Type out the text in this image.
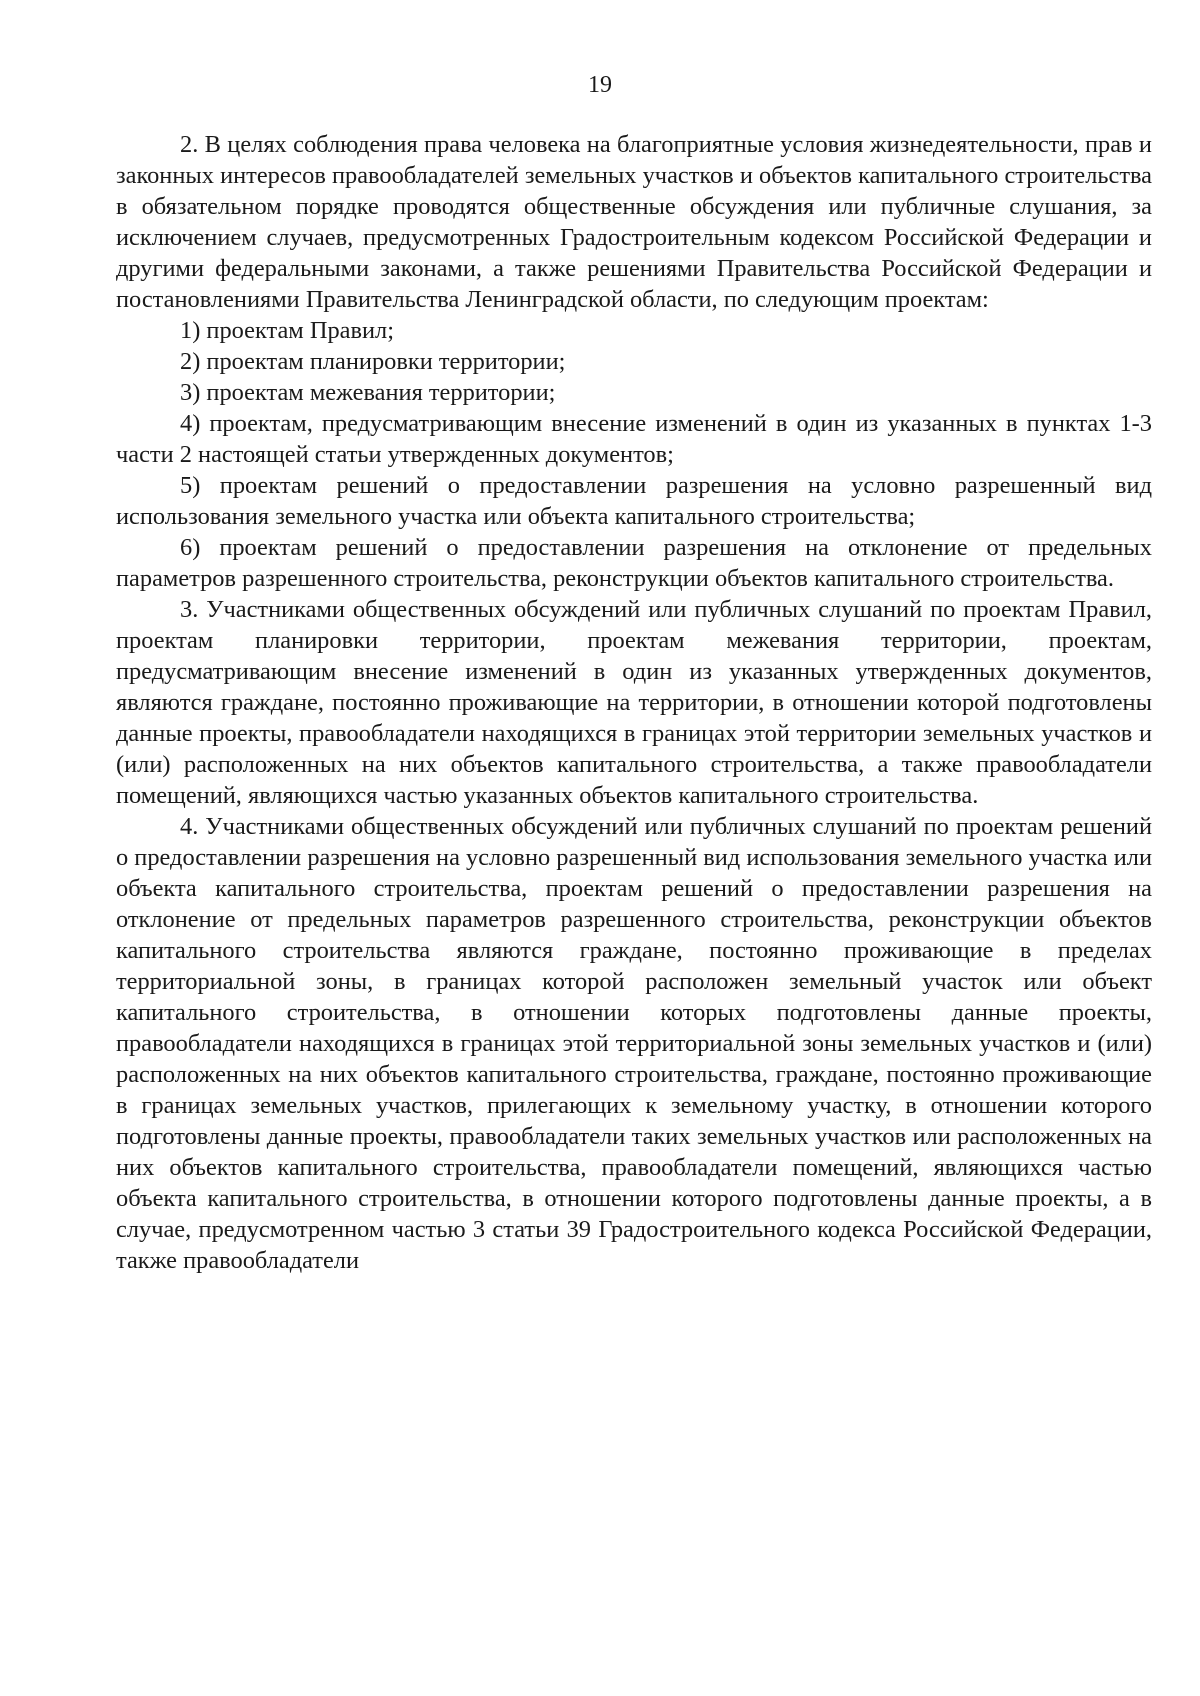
19

2. В целях соблюдения права человека на благоприятные условия жизнедеятельности, прав и законных интересов правообладателей земельных участков и объектов капитального строительства в обязательном порядке проводятся общественные обсуждения или публичные слушания, за исключением случаев, предусмотренных Градостроительным кодексом Российской Федерации и другими федеральными законами, а также решениями Правительства Российской Федерации и постановлениями Правительства Ленинградской области, по следующим проектам:

1) проектам Правил;

2) проектам планировки территории;

3) проектам межевания территории;

4) проектам, предусматривающим внесение изменений в один из указанных в пунктах 1-3 части 2 настоящей статьи утвержденных документов;

5) проектам решений о предоставлении разрешения на условно разрешенный вид использования земельного участка или объекта капитального строительства;

6) проектам решений о предоставлении разрешения на отклонение от предельных параметров разрешенного строительства, реконструкции объектов капитального строительства.

3. Участниками общественных обсуждений или публичных слушаний по проектам Правил, проектам планировки территории, проектам межевания территории, проектам, предусматривающим внесение изменений в один из указанных утвержденных документов, являются граждане, постоянно проживающие на территории, в отношении которой подготовлены данные проекты, правообладатели находящихся в границах этой территории земельных участков и (или) расположенных на них объектов капитального строительства, а также правообладатели помещений, являющихся частью указанных объектов капитального строительства.

4. Участниками общественных обсуждений или публичных слушаний по проектам решений о предоставлении разрешения на условно разрешенный вид использования земельного участка или объекта капитального строительства, проектам решений о предоставлении разрешения на отклонение от предельных параметров разрешенного строительства, реконструкции объектов капитального строительства являются граждане, постоянно проживающие в пределах территориальной зоны, в границах которой расположен земельный участок или объект капитального строительства, в отношении которых подготовлены данные проекты, правообладатели находящихся в границах этой территориальной зоны земельных участков и (или) расположенных на них объектов капитального строительства, граждане, постоянно проживающие в границах земельных участков, прилегающих к земельному участку, в отношении которого подготовлены данные проекты, правообладатели таких земельных участков или расположенных на них объектов капитального строительства, правообладатели помещений, являющихся частью объекта капитального строительства, в отношении которого подготовлены данные проекты, а в случае, предусмотренном частью 3 статьи 39 Градостроительного кодекса Российской Федерации, также правообладатели
